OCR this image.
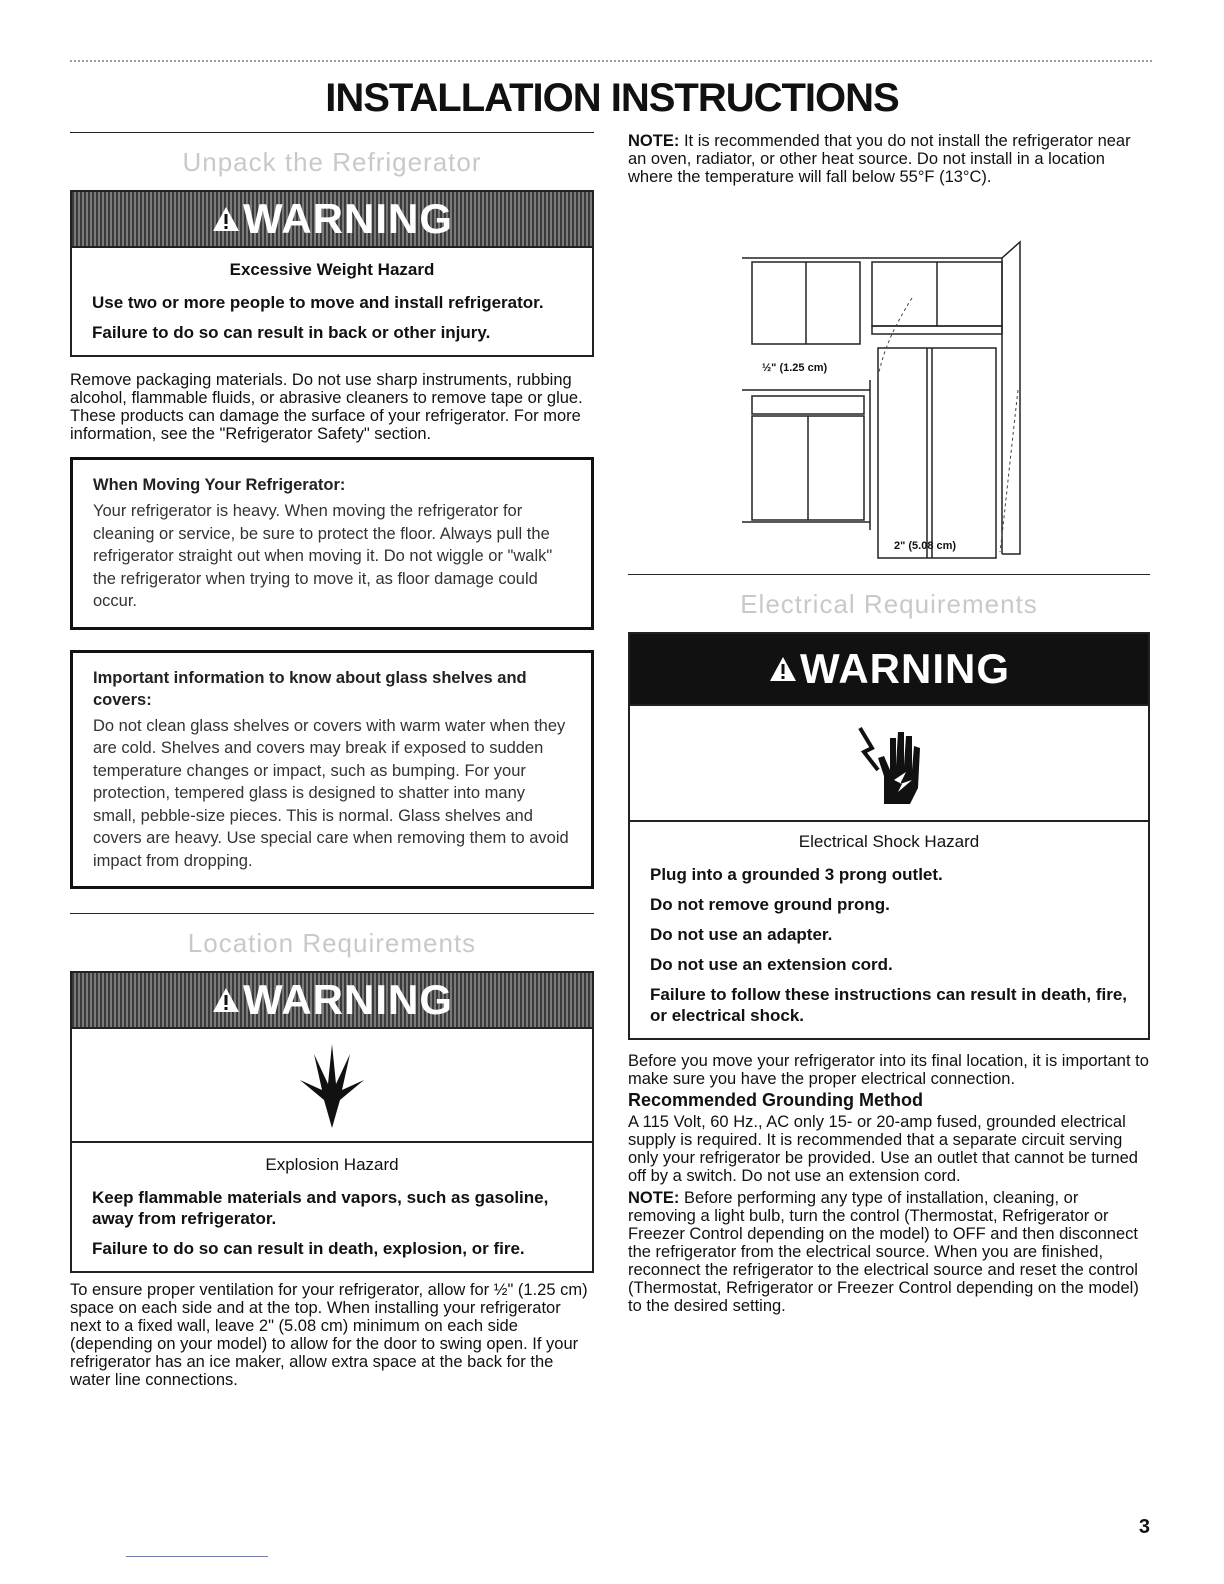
INSTALLATION INSTRUCTIONS
Unpack the Refrigerator
WARNING
Excessive Weight Hazard

Use two or more people to move and install refrigerator.

Failure to do so can result in back or other injury.

Remove packaging materials. Do not use sharp instruments, rubbing alcohol, flammable fluids, or abrasive cleaners to remove tape or glue. These products can damage the surface of your refrigerator. For more information, see the "Refrigerator Safety" section.

When Moving Your Refrigerator:

Your refrigerator is heavy. When moving the refrigerator for cleaning or service, be sure to protect the floor. Always pull the refrigerator straight out when moving it. Do not wiggle or "walk" the refrigerator when trying to move it, as floor damage could occur.

Important information to know about glass shelves and covers:

Do not clean glass shelves or covers with warm water when they are cold. Shelves and covers may break if exposed to sudden temperature changes or impact, such as bumping. For your protection, tempered glass is designed to shatter into many small, pebble-size pieces. This is normal. Glass shelves and covers are heavy. Use special care when removing them to avoid impact from dropping.

Location Requirements
WARNING
Explosion Hazard

Keep flammable materials and vapors, such as gasoline, away from refrigerator.

Failure to do so can result in death, explosion, or fire.

To ensure proper ventilation for your refrigerator, allow for ½" (1.25 cm) space on each side and at the top. When installing your refrigerator next to a fixed wall, leave 2" (5.08 cm) minimum on each side (depending on your model) to allow for the door to swing open. If your refrigerator has an ice maker, allow extra space at the back for the water line connections.

NOTE: It is recommended that you do not install the refrigerator near an oven, radiator, or other heat source. Do not install in a location where the temperature will fall below 55°F (13°C).

½" (1.25 cm)
2" (5.08 cm)
Electrical Requirements
WARNING
Electrical Shock Hazard

Plug into a grounded 3 prong outlet.

Do not remove ground prong.

Do not use an adapter.

Do not use an extension cord.

Failure to follow these instructions can result in death, fire, or electrical shock.

Before you move your refrigerator into its final location, it is important to make sure you have the proper electrical connection.

Recommended Grounding Method

A 115 Volt, 60 Hz., AC only 15- or 20-amp fused, grounded electrical supply is required. It is recommended that a separate circuit serving only your refrigerator be provided. Use an outlet that cannot be turned off by a switch. Do not use an extension cord.

NOTE: Before performing any type of installation, cleaning, or removing a light bulb, turn the control (Thermostat, Refrigerator or Freezer Control depending on the model) to OFF and then disconnect the refrigerator from the electrical source. When you are finished, reconnect the refrigerator to the electrical source and reset the control (Thermostat, Refrigerator or Freezer Control depending on the model) to the desired setting.

3
